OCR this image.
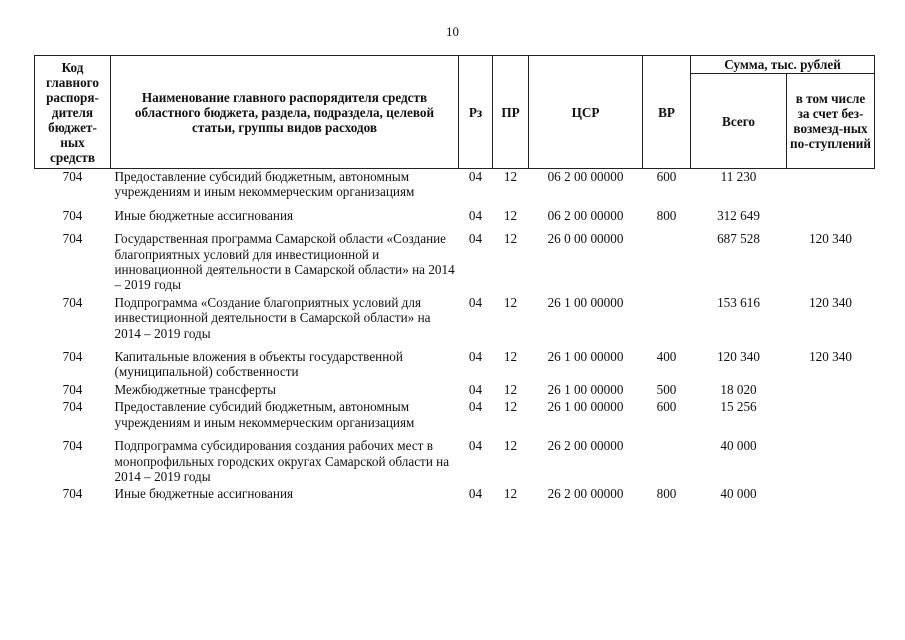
10
Код главного распоря-дителя бюджет-ных средств	Наименование главного распорядителя средств областного бюджета, раздела, подраздела, целевой статьи, группы видов расходов	Рз	ПР	ЦСР	ВР	Сумма, тыс. рублей	
						Всего	в том числе за счет без-возмезд-ных по-ступлений
704	Предоставление субсидий бюджетным, автономным учреждениям и иным некоммерческим организациям	04	12	06 2 00 00000	600	11 230	
704	Иные бюджетные ассигнования	04	12	06 2 00 00000	800	312 649	
704	Государственная программа Самарской области «Создание благоприятных условий для инвестиционной и инновационной деятельности в Самарской области» на 2014 – 2019 годы	04	12	26 0 00 00000		687 528	120 340
704	Подпрограмма «Создание благоприятных условий для инвестиционной деятельности в Самарской области» на 2014 – 2019 годы	04	12	26 1 00 00000		153 616	120 340
704	Капитальные вложения в объекты государственной (муниципальной) собственности	04	12	26 1 00 00000	400	120 340	120 340
704	Межбюджетные трансферты	04	12	26 1 00 00000	500	18 020	
704	Предоставление субсидий бюджетным, автономным учреждениям и иным некоммерческим организациям	04	12	26 1 00 00000	600	15 256	
704	Подпрограмма субсидирования создания рабочих мест в монопрофильных городских округах Самарской области на 2014 – 2019 годы	04	12	26 2 00 00000		40 000	
704	Иные бюджетные ассигнования	04	12	26 2 00 00000	800	40 000	
